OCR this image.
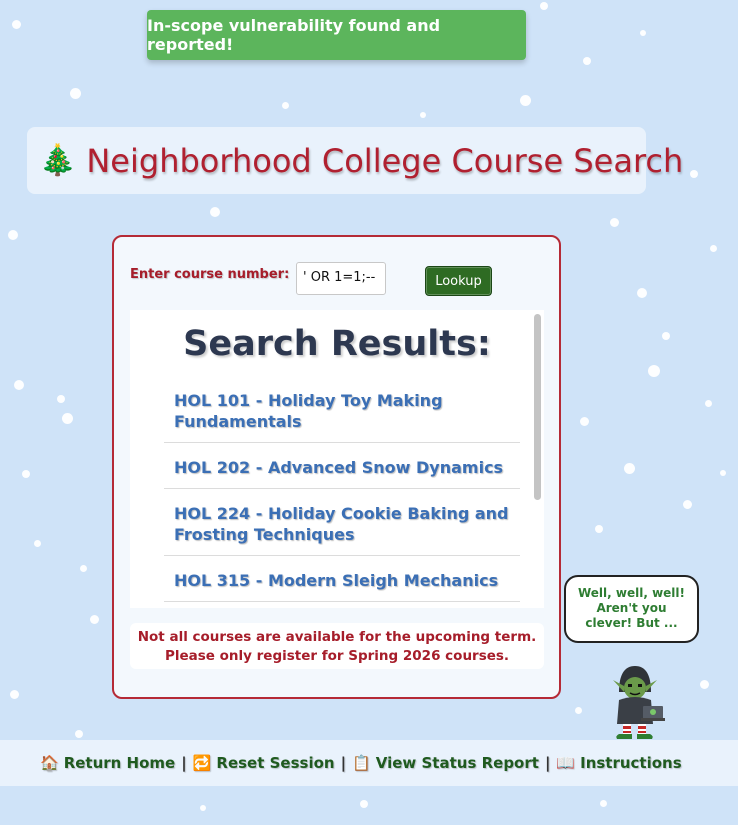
In-scope vulnerability found and reported!
🎄 Neighborhood College Course Search
Enter course number:	' OR 1=1;--	Lookup
Search Results:
HOL 101 - Holiday Toy Making Fundamentals
HOL 202 - Advanced Snow Dynamics
HOL 224 - Holiday Cookie Baking and Frosting Techniques
HOL 315 - Modern Sleigh Mechanics
Not all courses are available for the upcoming term.
Please only register for Spring 2026 courses.
Well, well, well!
Aren't you
clever! But ...
🏠 Return Home | 🔁 Reset Session | 📋 View Status Report | 📖 Instructions
